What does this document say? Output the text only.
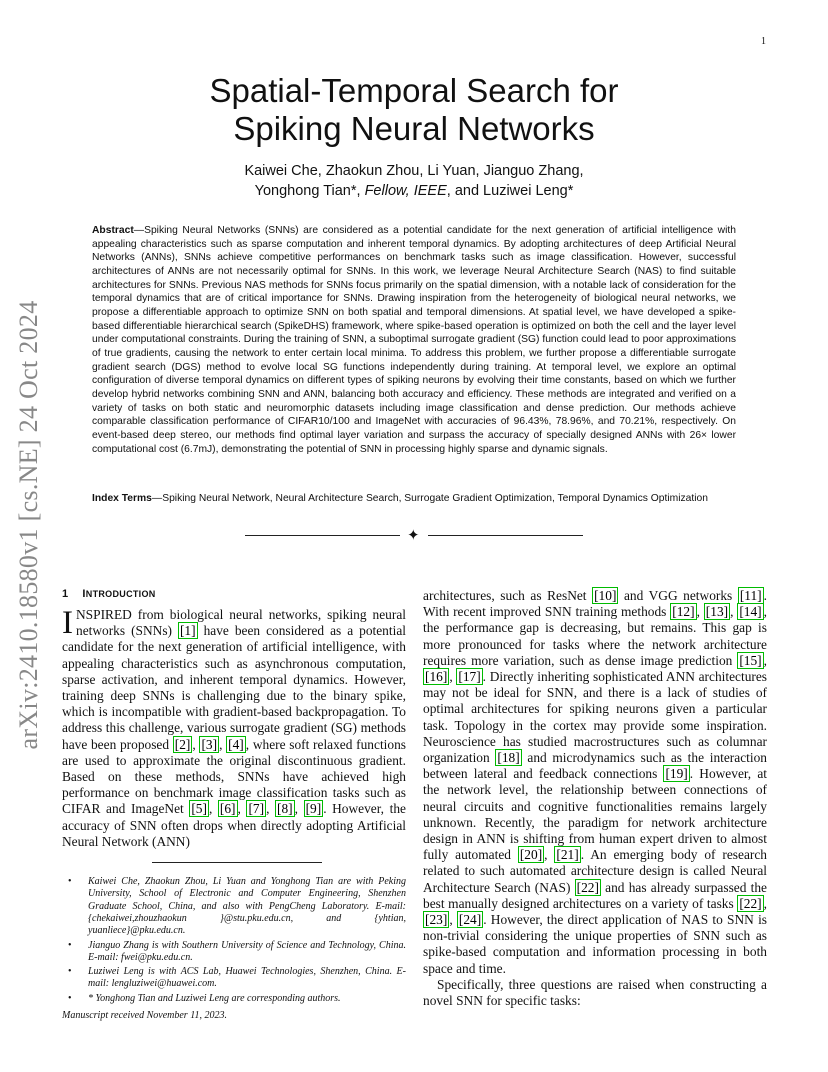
1
arXiv:2410.18580v1 [cs.NE] 24 Oct 2024
Spatial-Temporal Search for
Spiking Neural Networks
Kaiwei Che, Zhaokun Zhou, Li Yuan, Jianguo Zhang,
Yonghong Tian*, Fellow, IEEE, and Luziwei Leng*
Abstract—Spiking Neural Networks (SNNs) are considered as a potential candidate for the next generation of artificial intelligence with appealing characteristics such as sparse computation and inherent temporal dynamics. By adopting architectures of deep Artificial Neural Networks (ANNs), SNNs achieve competitive performances on benchmark tasks such as image classification. However, successful architectures of ANNs are not necessarily optimal for SNNs. In this work, we leverage Neural Architecture Search (NAS) to find suitable architectures for SNNs. Previous NAS methods for SNNs focus primarily on the spatial dimension, with a notable lack of consideration for the temporal dynamics that are of critical importance for SNNs. Drawing inspiration from the heterogeneity of biological neural networks, we propose a differentiable approach to optimize SNN on both spatial and temporal dimensions. At spatial level, we have developed a spike-based differentiable hierarchical search (SpikeDHS) framework, where spike-based operation is optimized on both the cell and the layer level under computational constraints. During the training of SNN, a suboptimal surrogate gradient (SG) function could lead to poor approximations of true gradients, causing the network to enter certain local minima. To address this problem, we further propose a differentiable surrogate gradient search (DGS) method to evolve local SG functions independently during training. At temporal level, we explore an optimal configuration of diverse temporal dynamics on different types of spiking neurons by evolving their time constants, based on which we further develop hybrid networks combining SNN and ANN, balancing both accuracy and efficiency. These methods are integrated and verified on a variety of tasks on both static and neuromorphic datasets including image classification and dense prediction. Our methods achieve comparable classification performance of CIFAR10/100 and ImageNet with accuracies of 96.43%, 78.96%, and 70.21%, respectively. On event-based deep stereo, our methods find optimal layer variation and surpass the accuracy of specially designed ANNs with 26× lower computational cost (6.7mJ), demonstrating the potential of SNN in processing highly sparse and dynamic signals.
Index Terms—Spiking Neural Network, Neural Architecture Search, Surrogate Gradient Optimization, Temporal Dynamics Optimization
✦
1 INTRODUCTION

INSPIRED from biological neural networks, spiking neural networks (SNNs) [1] have been considered as a potential candidate for the next generation of artificial intelligence, with appealing characteristics such as asynchronous computation, sparse activation, and inherent temporal dynamics. However, training deep SNNs is challenging due to the binary spike, which is incompatible with gradient-based backpropagation. To address this challenge, various surrogate gradient (SG) methods have been proposed [2] , [3] , [4] , where soft relaxed functions are used to approximate the original discontinuous gradient. Based on these methods, SNNs have achieved high performance on benchmark image classification tasks such as CIFAR and ImageNet [5] , [6] , [7] , [8] , [9] . However, the accuracy of SNN often drops when directly adopting Artificial Neural Network (ANN)

• Kaiwei Che, Zhaokun Zhou, Li Yuan and Yonghong Tian are with Peking University, School of Electronic and Computer Engineering, Shenzhen Graduate School, China, and also with PengCheng Laboratory. E-mail: {chekaiwei,zhouzhaokun }@stu.pku.edu.cn, and {yhtian, yuanliece}@pku.edu.cn.
• Jianguo Zhang is with Southern University of Science and Technology, China. E-mail: fwei@pku.edu.cn.
• Luziwei Leng is with ACS Lab, Huawei Technologies, Shenzhen, China. E-mail: lengluziwei@huawei.com.
• * Yonghong Tian and Luziwei Leng are corresponding authors.
Manuscript received November 11, 2023.

architectures, such as ResNet [10] and VGG networks [11] . With recent improved SNN training methods [12] , [13] , [14] , the performance gap is decreasing, but remains. This gap is more pronounced for tasks where the network architecture requires more variation, such as dense image prediction [15] , [16] , [17] . Directly inheriting sophisticated ANN architectures may not be ideal for SNN, and there is a lack of studies of optimal architectures for spiking neurons given a particular task. Topology in the cortex may provide some inspiration. Neuroscience has studied macrostructures such as columnar organization [18] and microdynamics such as the interaction between lateral and feedback connections [19] . However, at the network level, the relationship between connections of neural circuits and cognitive functionalities remains largely unknown. Recently, the paradigm for network architecture design in ANN is shifting from human expert driven to almost fully automated [20] , [21] . An emerging body of research related to such automated architecture design is called Neural Architecture Search (NAS) [22] and has already surpassed the best manually designed architectures on a variety of tasks [22] , [23] , [24] . However, the direct application of NAS to SNN is non-trivial considering the unique properties of SNN such as spike-based computation and information processing in both space and time.

Specifically, three questions are raised when constructing a novel SNN for specific tasks:
